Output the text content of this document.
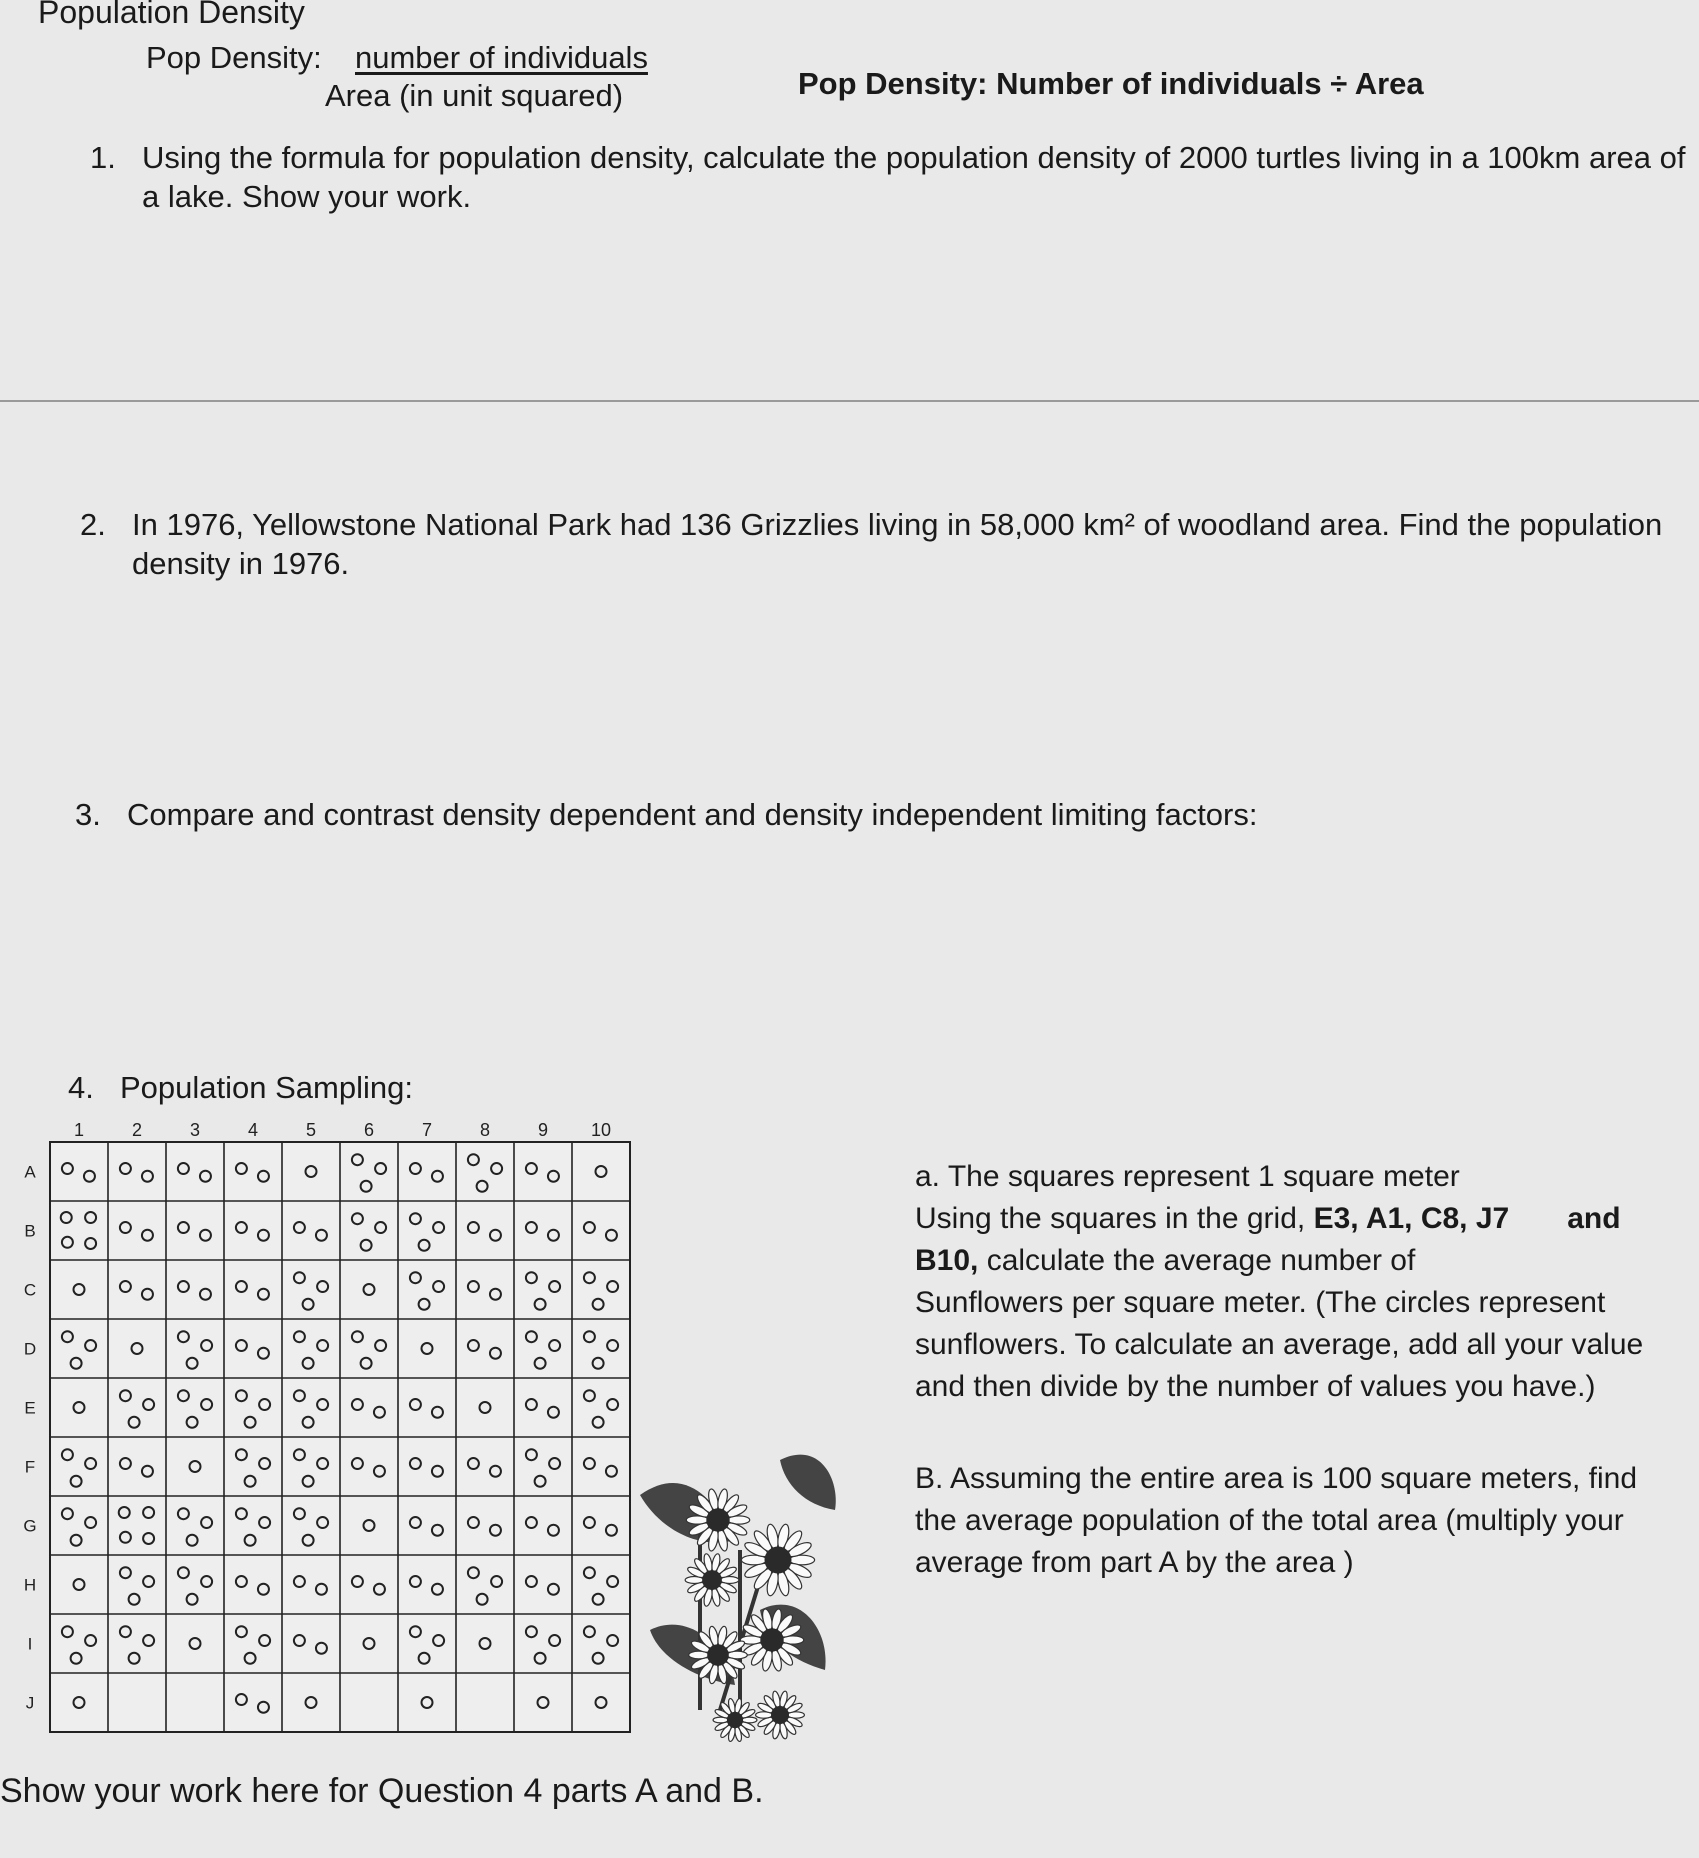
Population Density
Pop Density: number of individuals
Area (in unit squared)	Pop Density: Number of individuals ÷ Area
1. Using the formula for population density, calculate the population density of 2000 turtles living in a 100km area of
a lake. Show your work.
2. In 1976, Yellowstone National Park had 136 Grizzlies living in 58,000 km² of woodland area. Find the population
density in 1976.
3. Compare and contrast density dependent and density independent limiting factors:
4. Population Sampling:
1	2	3	4	5	6	7	8	9 10
A
B
C
D
E
F
G
H
I
J
a. The squares represent 1 square meter
Using the squares in the grid, E3, A1, C8, J7 and
B10, calculate the average number of
Sunflowers per square meter. (The circles represent
sunflowers. To calculate an average, add all your value
and then divide by the number of values you have.)
B. Assuming the entire area is 100 square meters, find
the average population of the total area (multiply your
average from part A by the area )
Show your work here for Question 4 parts A and B.
